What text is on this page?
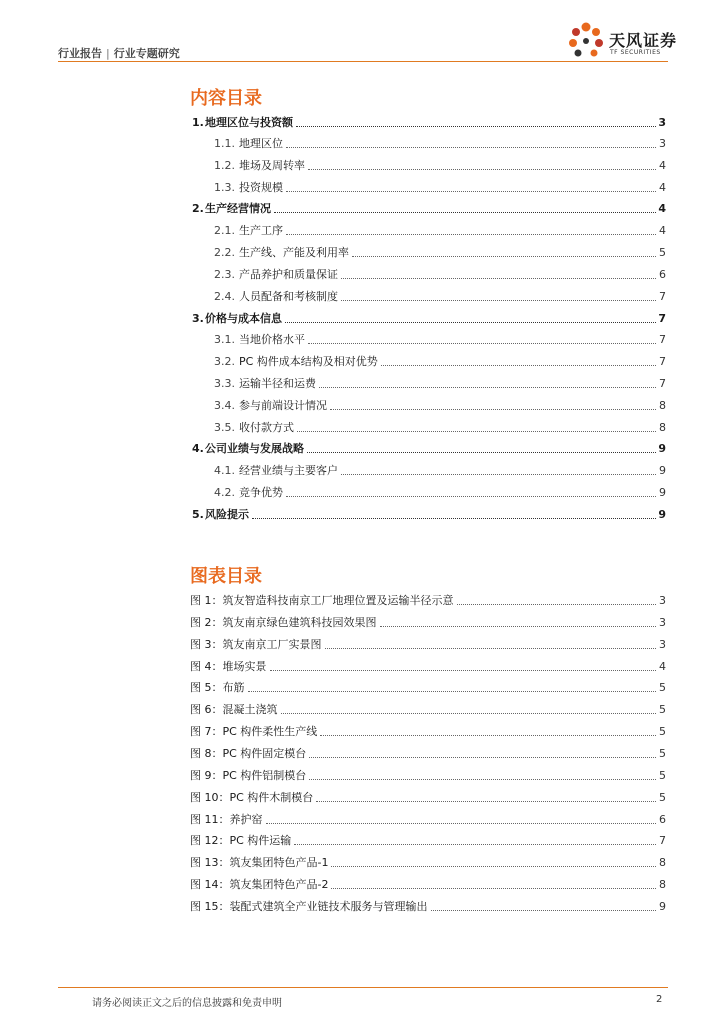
行业报告 | 行业专题研究
天风证券
TF SECURITIES
内容目录
1.地理区位与投资额	3
1.1. 地理区位	3
1.2. 堆场及周转率	4
1.3. 投资规模	4
2.生产经营情况	4
2.1. 生产工序	4
2.2. 生产线、产能及利用率	5
2.3. 产品养护和质量保证	6
2.4. 人员配备和考核制度	7
3.价格与成本信息	7
3.1. 当地价格水平	7
3.2. PC 构件成本结构及相对优势	7
3.3. 运输半径和运费	7
3.4. 参与前端设计情况	8
3.5. 收付款方式	8
4.公司业绩与发展战略	9
4.1. 经营业绩与主要客户	9
4.2. 竞争优势	9
5.风险提示	9
图表目录
图 1：筑友智造科技南京工厂地理位置及运输半径示意	3
图 2：筑友南京绿色建筑科技园效果图	3
图 3：筑友南京工厂实景图	3
图 4：堆场实景	4
图 5：布筋	5
图 6：混凝土浇筑	5
图 7：PC 构件柔性生产线	5
图 8：PC 构件固定模台	5
图 9：PC 构件铝制模台	5
图 10：PC 构件木制模台	5
图 11：养护窑	6
图 12：PC 构件运输	7
图 13：筑友集团特色产品-1	8
图 14：筑友集团特色产品-2	8
图 15：装配式建筑全产业链技术服务与管理输出	9
请务必阅读正文之后的信息披露和免责申明	2
